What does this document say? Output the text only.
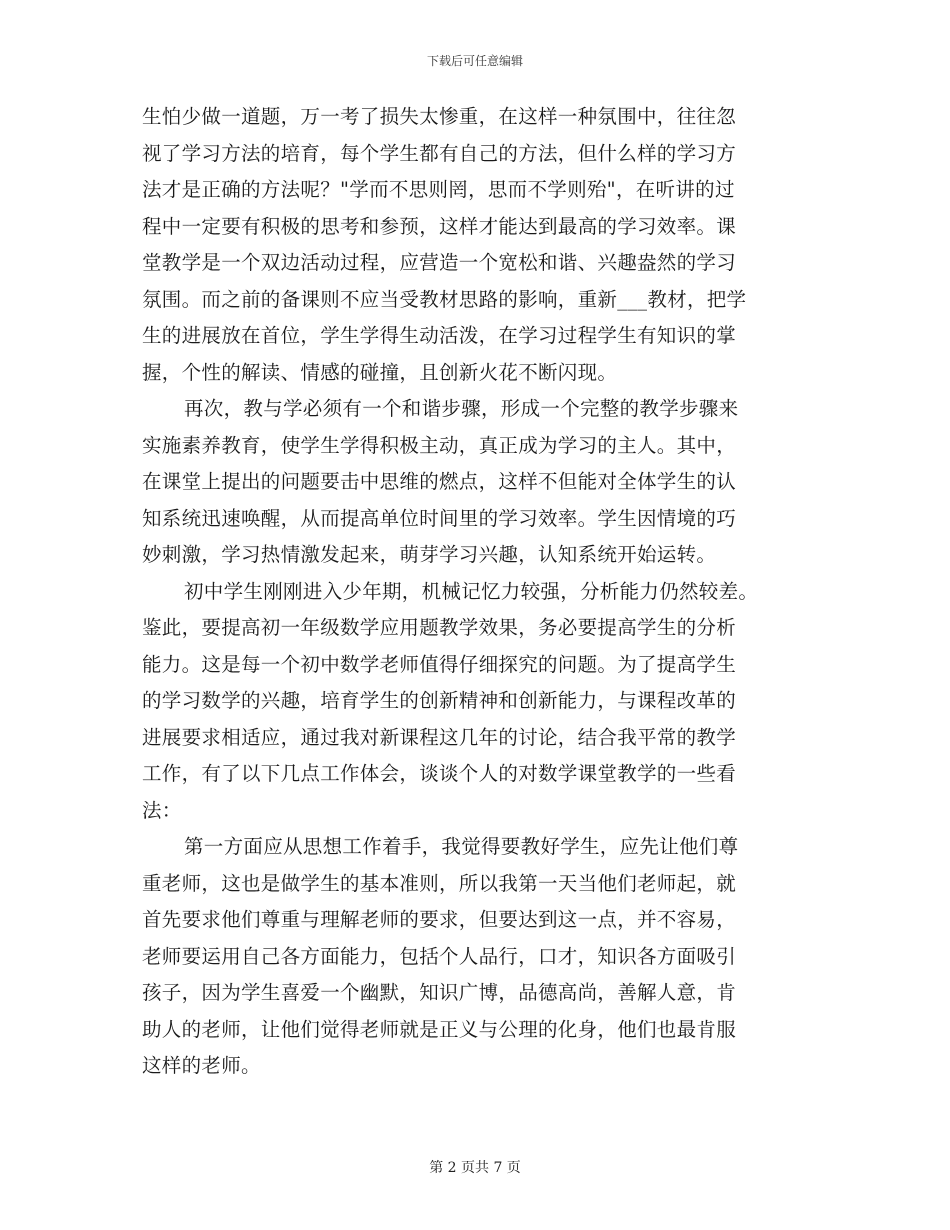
下载后可任意编辑
生怕少做一道题，万一考了损失太惨重，在这样一种氛围中，往往忽
视了学习方法的培育，每个学生都有自己的方法，但什么样的学习方
法才是正确的方法呢？"学而不思则罔，思而不学则殆"，在听讲的过
程中一定要有积极的思考和参预，这样才能达到最高的学习效率。课
堂教学是一个双边活动过程，应营造一个宽松和谐、兴趣盎然的学习
氛围。而之前的备课则不应当受教材思路的影响，重新___教材，把学
生的进展放在首位，学生学得生动活泼，在学习过程学生有知识的掌
握，个性的解读、情感的碰撞，且创新火花不断闪现。
再次，教与学必须有一个和谐步骤，形成一个完整的教学步骤来
实施素养教育，使学生学得积极主动，真正成为学习的主人。其中，
在课堂上提出的问题要击中思维的燃点，这样不但能对全体学生的认
知系统迅速唤醒，从而提高单位时间里的学习效率。学生因情境的巧
妙刺激，学习热情激发起来，萌芽学习兴趣，认知系统开始运转。
初中学生刚刚进入少年期，机械记忆力较强，分析能力仍然较差。
鉴此，要提高初一年级数学应用题教学效果，务必要提高学生的分析
能力。这是每一个初中数学老师值得仔细探究的问题。为了提高学生
的学习数学的兴趣，培育学生的创新精神和创新能力，与课程改革的
进展要求相适应，通过我对新课程这几年的讨论，结合我平常的教学
工作，有了以下几点工作体会，谈谈个人的对数学课堂教学的一些看
法：
第一方面应从思想工作着手，我觉得要教好学生，应先让他们尊
重老师，这也是做学生的基本准则，所以我第一天当他们老师起，就
首先要求他们尊重与理解老师的要求，但要达到这一点，并不容易，
老师要运用自己各方面能力，包括个人品行，口才，知识各方面吸引
孩子，因为学生喜爱一个幽默，知识广博，品德高尚，善解人意，肯
助人的老师，让他们觉得老师就是正义与公理的化身，他们也最肯服
这样的老师。
第 2 页共 7 页
